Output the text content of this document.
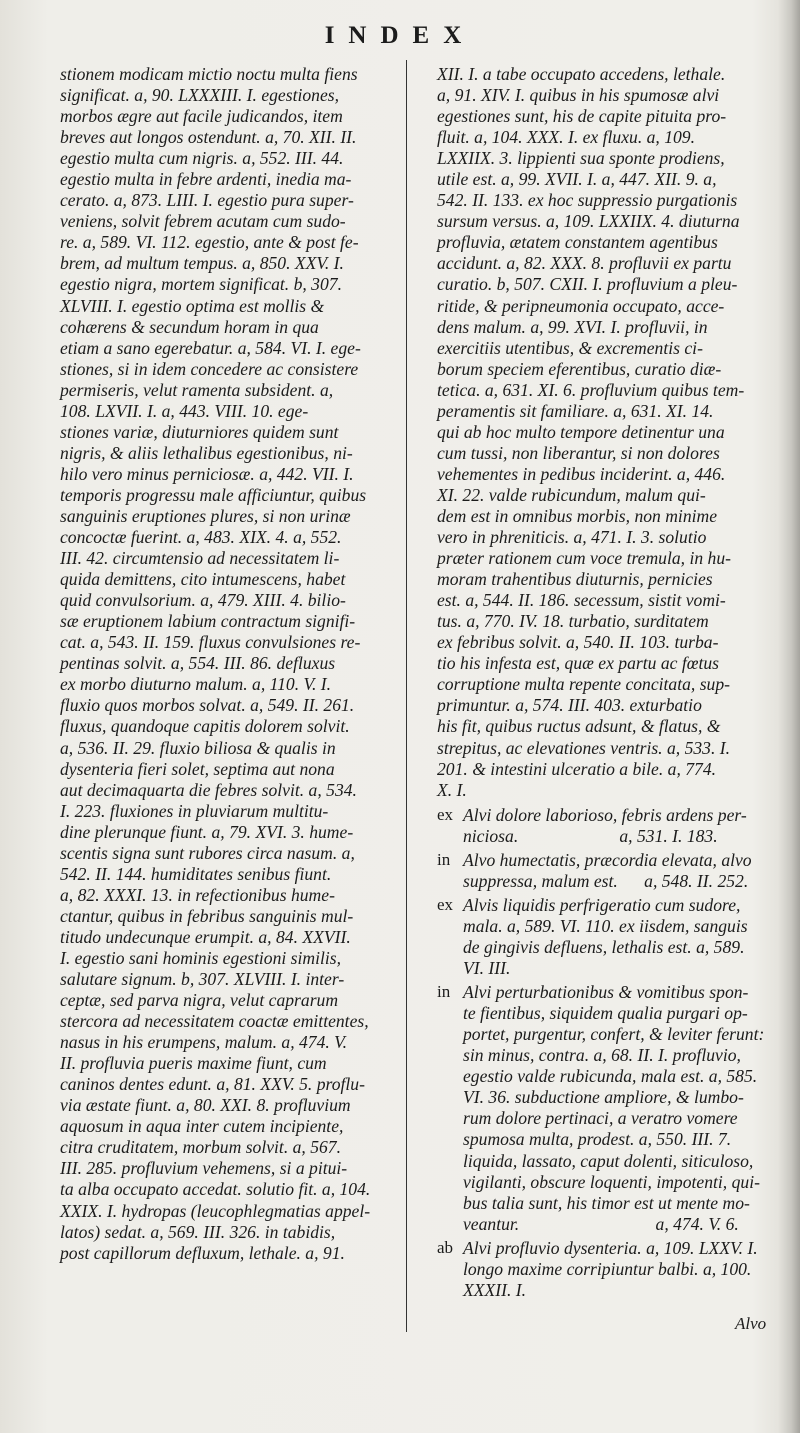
INDEX
stionem modicam mictio noctu multa fiens
significat. a, 90. LXXXIII. I. egestiones,
morbos ægre aut facile judicandos, item
breves aut longos ostendunt. a, 70. XII. II.
egestio multa cum nigris. a, 552. III. 44.
egestio multa in febre ardenti, inedia ma-
cerato. a, 873. LIII. I. egestio pura super-
veniens, solvit febrem acutam cum sudo-
re. a, 589. VI. 112. egestio, ante & post fe-
brem, ad multum tempus. a, 850. XXV. I.
egestio nigra, mortem significat. b, 307.
XLVIII. I. egestio optima est mollis &
cohærens & secundum horam in qua
etiam a sano egerebatur. a, 584. VI. I. ege-
stiones, si in idem concedere ac consistere
permiseris, velut ramenta subsident. a,
108. LXVII. I. a, 443. VIII. 10. ege-
stiones variæ, diuturniores quidem sunt
nigris, & aliis lethalibus egestionibus, ni-
hilo vero minus perniciosæ. a, 442. VII. I.
temporis progressu male afficiuntur, quibus
sanguinis eruptiones plures, si non urinæ
concoctæ fuerint. a, 483. XIX. 4. a, 552.
III. 42. circumtensio ad necessitatem li-
quida demittens, cito intumescens, habet
quid convulsorium. a, 479. XIII. 4. bilio-
sæ eruptionem labium contractum signifi-
cat. a, 543. II. 159. fluxus convulsiones re-
pentinas solvit. a, 554. III. 86. defluxus
ex morbo diuturno malum. a, 110. V. I.
fluxio quos morbos solvat. a, 549. II. 261.
fluxus, quandoque capitis dolorem solvit.
a, 536. II. 29. fluxio biliosa & qualis in
dysenteria fieri solet, septima aut nona
aut decimaquarta die febres solvit. a, 534.
I. 223. fluxiones in pluviarum multitu-
dine plerunque fiunt. a, 79. XVI. 3. hume-
scentis signa sunt rubores circa nasum. a,
542. II. 144. humiditates senibus fiunt.
a, 82. XXXI. 13. in refectionibus hume-
ctantur, quibus in febribus sanguinis mul-
titudo undecunque erumpit. a, 84. XXVII.
I. egestio sani hominis egestioni similis,
salutare signum. b, 307. XLVIII. I. inter-
ceptæ, sed parva nigra, velut caprarum
stercora ad necessitatem coactæ emittentes,
nasus in his erumpens, malum. a, 474. V.
II. profluvia pueris maxime fiunt, cum
caninos dentes edunt. a, 81. XXV. 5. proflu-
via æstate fiunt. a, 80. XXI. 8. profluvium
aquosum in aqua inter cutem incipiente,
citra cruditatem, morbum solvit. a, 567.
III. 285. profluvium vehemens, si a pitui-
ta alba occupato accedat. solutio fit. a, 104.
XXIX. I. hydropas (leucophlegmatias appel-
latos) sedat. a, 569. III. 326. in tabidis,
post capillorum defluxum, lethale. a, 91.
XII. I. a tabe occupato accedens, lethale.
a, 91. XIV. I. quibus in his spumosæ alvi
egestiones sunt, his de capite pituita pro-
fluit. a, 104. XXX. I. ex fluxu. a, 109.
LXXIIX. 3. lippienti sua sponte prodiens,
utile est. a, 99. XVII. I. a, 447. XII. 9. a,
542. II. 133. ex hoc suppressio purgationis
sursum versus. a, 109. LXXIIX. 4. diuturna
profluvia, ætatem constantem agentibus
accidunt. a, 82. XXX. 8. profluvii ex partu
curatio. b, 507. CXII. I. profluvium a pleu-
ritide, & peripneumonia occupato, acce-
dens malum. a, 99. XVI. I. profluvii, in
exercitiis utentibus, & excrementis ci-
borum speciem eferentibus, curatio diæ-
tetica. a, 631. XI. 6. profluvium quibus tem-
peramentis sit familiare. a, 631. XI. 14.
qui ab hoc multo tempore detinentur una
cum tussi, non liberantur, si non dolores
vehementes in pedibus inciderint. a, 446.
XI. 22. valde rubicundum, malum qui-
dem est in omnibus morbis, non minime
vero in phreniticis. a, 471. I. 3. solutio
præter rationem cum voce tremula, in hu-
moram trahentibus diuturnis, pernicies
est. a, 544. II. 186. secessum, sistit vomi-
tus. a, 770. IV. 18. turbatio, surditatem
ex febribus solvit. a, 540. II. 103. turba-
tio his infesta est, quæ ex partu ac fœtus
corruptione multa repente concitata, sup-
primuntur. a, 574. III. 403. exturbatio
his fit, quibus ructus adsunt, & flatus, &
strepitus, ac elevationes ventris. a, 533. I.
201. & intestini ulceratio a bile. a, 774.
X. I.
ex Alvi dolore laborioso, febris ardens per-
niciosa.                       a, 531. I. 183.
in Alvo humectatis, præcordia elevata, alvo
suppressa, malum est.      a, 548. II. 252.
ex Alvis liquidis perfrigeratio cum sudore,
mala. a, 589. VI. 110. ex iisdem, sanguis
de gingivis defluens, lethalis est. a, 589.
VI. III.
in Alvi perturbationibus & vomitibus spon-
te fientibus, siquidem qualia purgari op-
portet, purgentur, confert, & leviter ferunt:
sin minus, contra. a, 68. II. I. profluvio,
egestio valde rubicunda, mala est. a, 585.
VI. 36. subductione ampliore, & lumbo-
rum dolore pertinaci, a veratro vomere
spumosa multa, prodest. a, 550. III. 7.
liquida, lassato, caput dolenti, siticuloso,
vigilanti, obscure loquenti, impotenti, qui-
bus talia sunt, his timor est ut mente mo-
veantur.                               a, 474. V. 6.
ab Alvi profluvio dysenteria. a, 109. LXXV. I.
longo maxime corripiuntur balbi. a, 100.
XXXII. I.
Alvo
